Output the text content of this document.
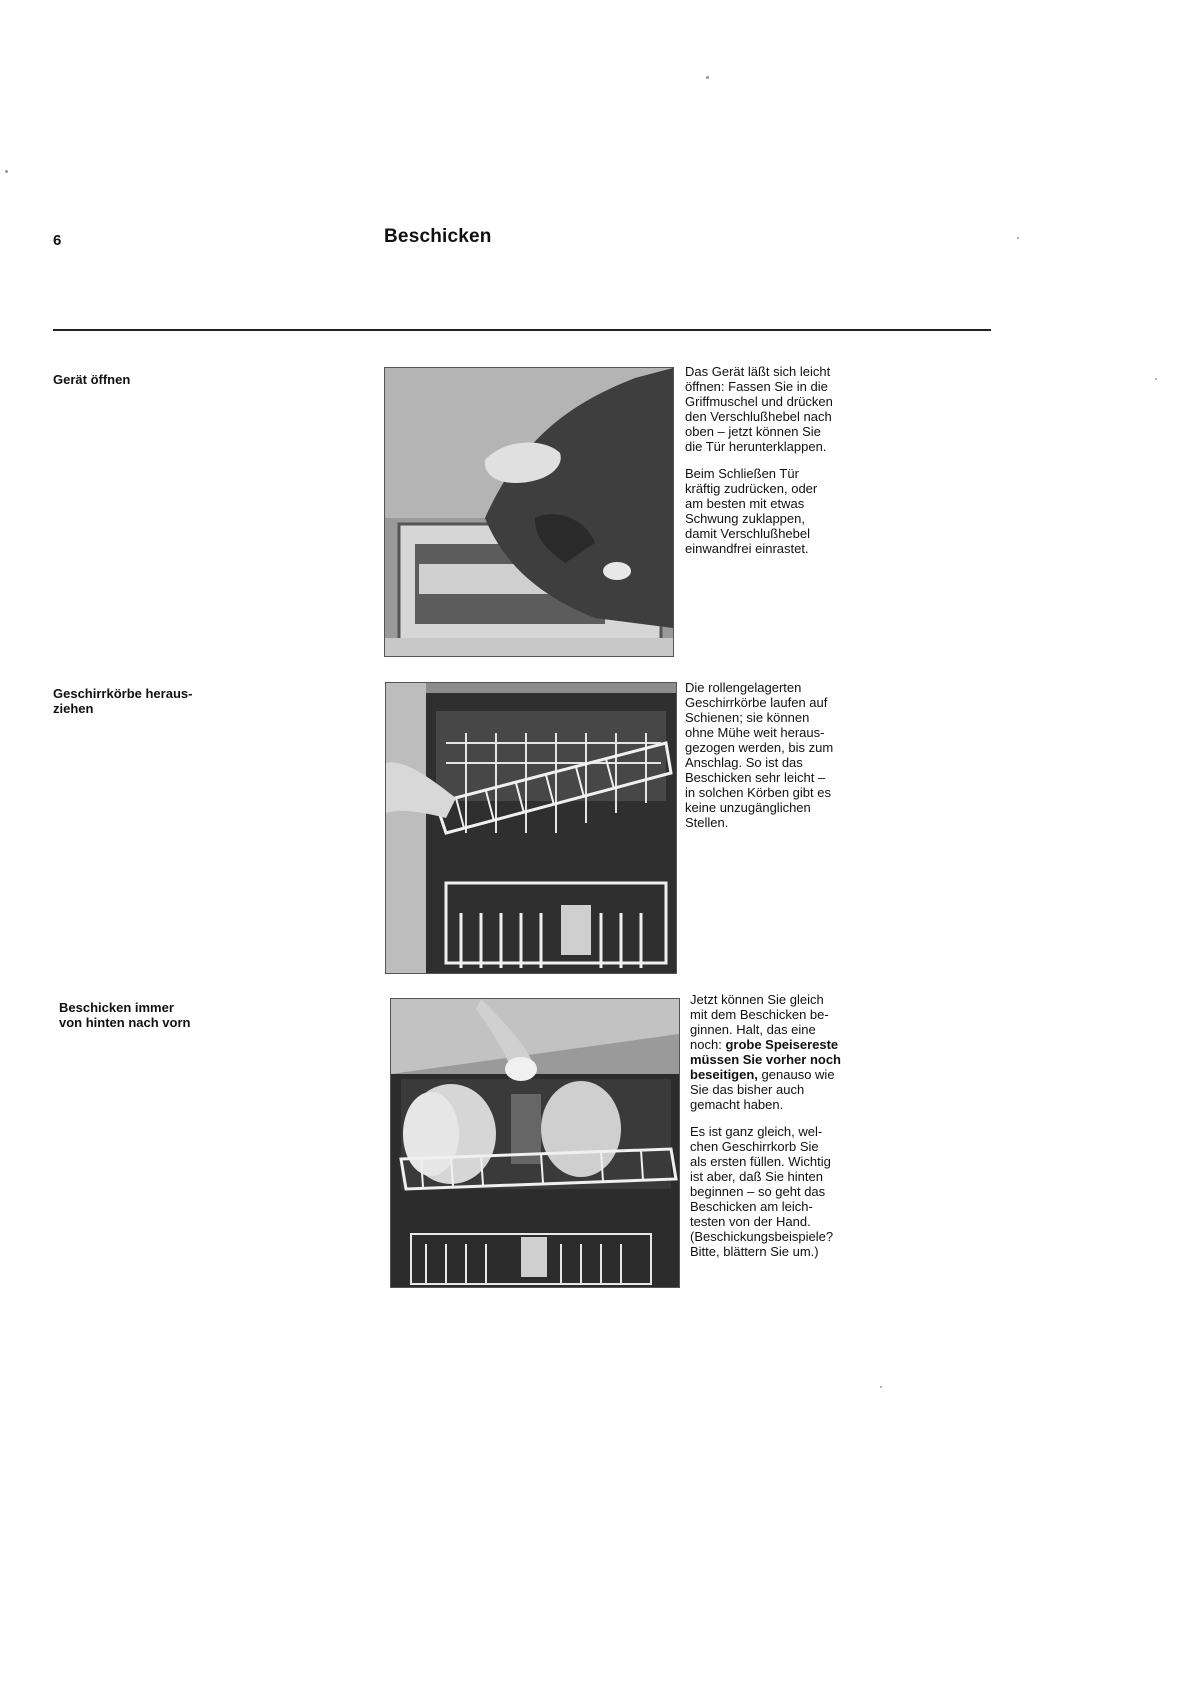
6	Beschicken
Gerät öffnen
Das Gerät läßt sich leicht
öffnen: Fassen Sie in die
Griffmuschel und drücken
den Verschlußhebel nach
oben – jetzt können Sie
die Tür herunterklappen.
Beim Schließen Tür
kräftig zudrücken, oder
am besten mit etwas
Schwung zuklappen,
damit Verschlußhebel
einwandfrei einrastet.
Geschirrkörbe heraus-
ziehen
Die rollengelagerten
Geschirrkörbe laufen auf
Schienen; sie können
ohne Mühe weit heraus-
gezogen werden, bis zum
Anschlag. So ist das
Beschicken sehr leicht –
in solchen Körben gibt es
keine unzugänglichen
Stellen.
Beschicken immer
von hinten nach vorn
Jetzt können Sie gleich
mit dem Beschicken be-
ginnen. Halt, das eine
noch: grobe Speisereste
müssen Sie vorher noch
beseitigen, genauso wie
Sie das bisher auch
gemacht haben.
Es ist ganz gleich, wel-
chen Geschirrkorb Sie
als ersten füllen. Wichtig
ist aber, daß Sie hinten
beginnen – so geht das
Beschicken am leich-
testen von der Hand.
(Beschickungsbeispiele?
Bitte, blättern Sie um.)
